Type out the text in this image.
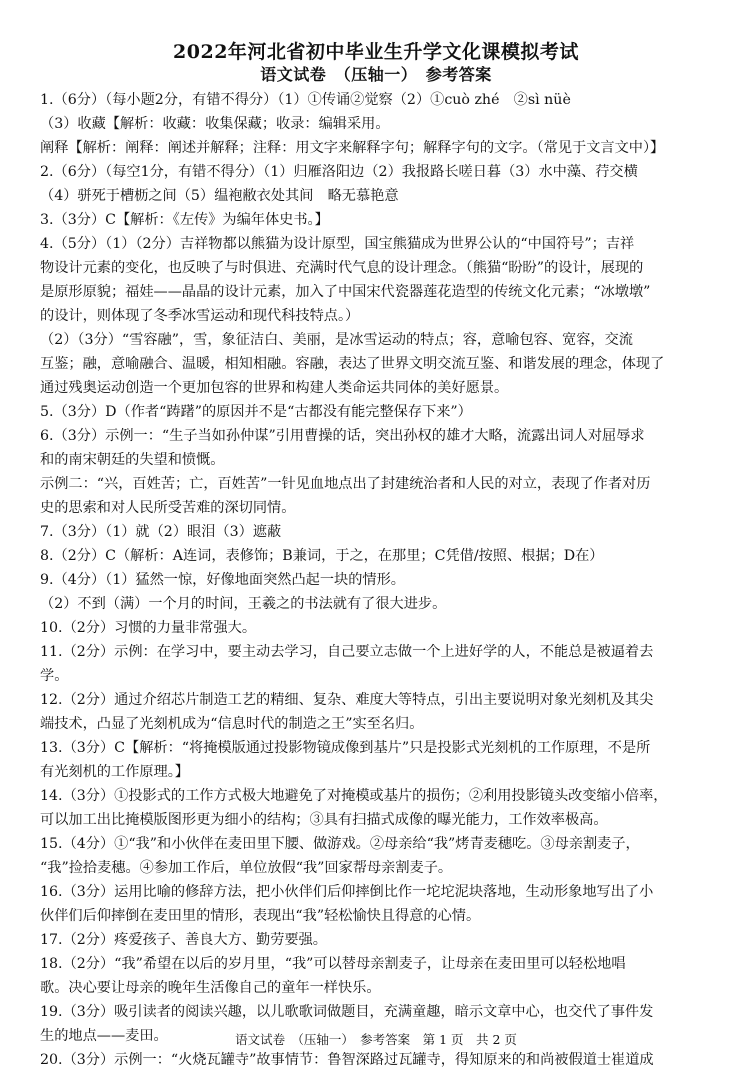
2022年河北省初中毕业生升学文化课模拟考试
语文试卷　（压轴一）　参考答案
1.（6分）（每小题2分，有错不得分）（1）①传诵②觉察（2）①cuò zhé　②sì nüè
（3）收藏【解析：收藏：收集保藏；收录：编辑采用。
阐释【解析：阐释：阐述并解释；注释：用文字来解释字句；解释字句的文字。（常见于文言文中）】
2.（6分）（每空1分，有错不得分）（1）归雁洛阳边（2）我报路长嗟日暮（3）水中藻、荇交横
（4）骈死于槽枥之间（5）缊袍敝衣处其间　略无慕艳意
3.（3分）C【解析：《左传》为编年体史书。】
4.（5分）（1）（2分）吉祥物都以熊猫为设计原型，国宝熊猫成为世界公认的“中国符号”；吉祥
物设计元素的变化，也反映了与时俱进、充满时代气息的设计理念。（熊猫“盼盼”的设计，展现的
是原形原貌；福娃——晶晶的设计元素，加入了中国宋代瓷器莲花造型的传统文化元素；“冰墩墩”
的设计，则体现了冬季冰雪运动和现代科技特点。）
（2）（3分）“雪容融”，雪，象征洁白、美丽，是冰雪运动的特点；容，意喻包容、宽容，交流
互鉴；融，意喻融合、温暖，相知相融。容融，表达了世界文明交流互鉴、和谐发展的理念，体现了
通过残奥运动创造一个更加包容的世界和构建人类命运共同体的美好愿景。
5.（3分）D（作者“踌躇”的原因并不是“古都没有能完整保存下来”）
6.（3分）示例一：“生子当如孙仲谋”引用曹操的话，突出孙权的雄才大略，流露出词人对屈辱求
和的南宋朝廷的失望和愤慨。
示例二：“兴，百姓苦；亡，百姓苦”一针见血地点出了封建统治者和人民的对立，表现了作者对历
史的思索和对人民所受苦难的深切同情。
7.（3分）（1）就（2）眼泪（3）遮蔽
8.（2分）C（解析：A连词，表修饰；B兼词，于之，在那里；C凭借/按照、根据；D在）
9.（4分）（1）猛然一惊，好像地面突然凸起一块的情形。
（2）不到（满）一个月的时间，王羲之的书法就有了很大进步。
10.（2分）习惯的力量非常强大。
11.（2分）示例：在学习中，要主动去学习，自己要立志做一个上进好学的人，不能总是被逼着去
学。
12.（2分）通过介绍芯片制造工艺的精细、复杂、难度大等特点，引出主要说明对象光刻机及其尖
端技术，凸显了光刻机成为“信息时代的制造之王”实至名归。
13.（3分）C【解析：“将掩模版通过投影物镜成像到基片”只是投影式光刻机的工作原理，不是所
有光刻机的工作原理。】
14.（3分）①投影式的工作方式极大地避免了对掩模或基片的损伤；②利用投影镜头改变缩小倍率，
可以加工出比掩模版图形更为细小的结构；③具有扫描式成像的曝光能力，工作效率极高。
15.（4分）①“我”和小伙伴在麦田里下腰、做游戏。②母亲给“我”烤青麦穗吃。③母亲割麦子，
“我”捡拾麦穗。④参加工作后，单位放假“我”回家帮母亲割麦子。
16.（3分）运用比喻的修辞方法，把小伙伴们后仰摔倒比作一坨坨泥块落地，生动形象地写出了小
伙伴们后仰摔倒在麦田里的情形，表现出“我”轻松愉快且得意的心情。
17.（2分）疼爱孩子、善良大方、勤劳要强。
18.（2分）“我”希望在以后的岁月里，“我”可以替母亲割麦子，让母亲在麦田里可以轻松地唱
歌。决心要让母亲的晚年生活像自己的童年一样快乐。
19.（3分）吸引读者的阅读兴趣，以儿歌歌词做题目，充满童趣，暗示文章中心，也交代了事件发
生的地点——麦田。
20.（3分）示例一：“火烧瓦罐寺”故事情节：鲁智深路过瓦罐寺，得知原来的和尚被假道士崔道成
语文试卷　（压轴一）　参考答案　第 1 页　共 2 页
